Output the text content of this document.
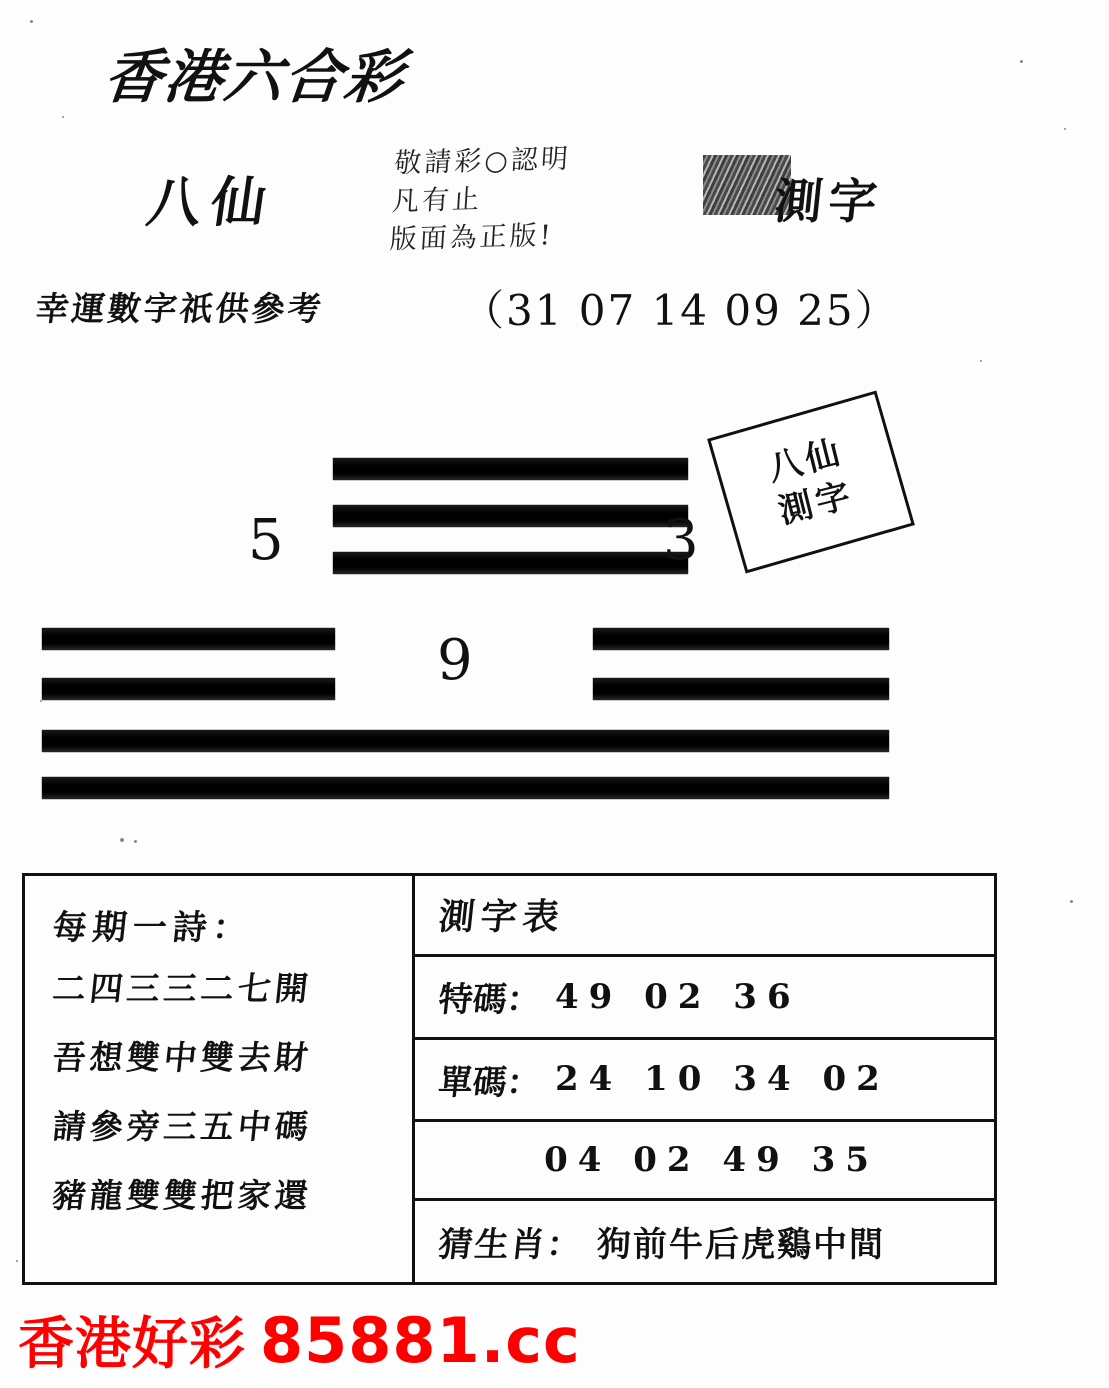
香港六合彩
八仙
敬請彩○認明
凡有止
版面為正版!
測字
幸運數字祇供參考	（31 07 14 09 25）
5	3
9
八仙
測字
每期一詩：
二四三三二七開
吾想雙中雙去財
請參旁三五中碼
豬龍雙雙把家還
測字表
特碼： 49 02 36
單碼： 24 10 34 02
04 02 49 35
猜生肖： 狗前牛后虎鷄中間
香港好彩 85881.cc
